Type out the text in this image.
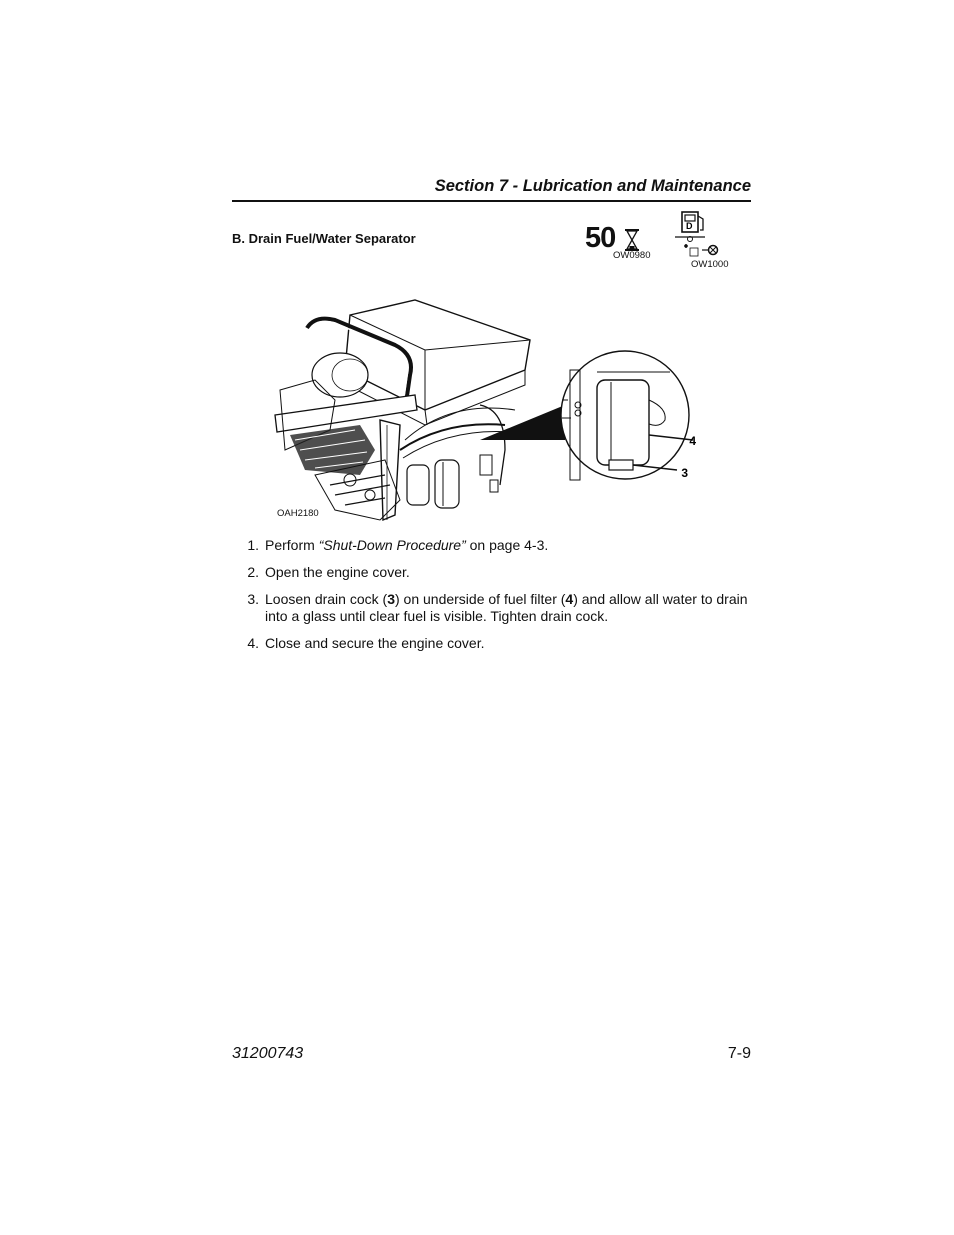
Section 7 - Lubrication and Maintenance
B. Drain Fuel/Water Separator	50
OW0980
D
OW1000
4
3
OAH2180
1. Perform “Shut-Down Procedure” on page 4-3.
2. Open the engine cover.
3. Loosen drain cock (3) on underside of fuel filter (4) and allow all water to drain into a glass until clear fuel is visible. Tighten drain cock.
4. Close and secure the engine cover.
31200743	7-9
